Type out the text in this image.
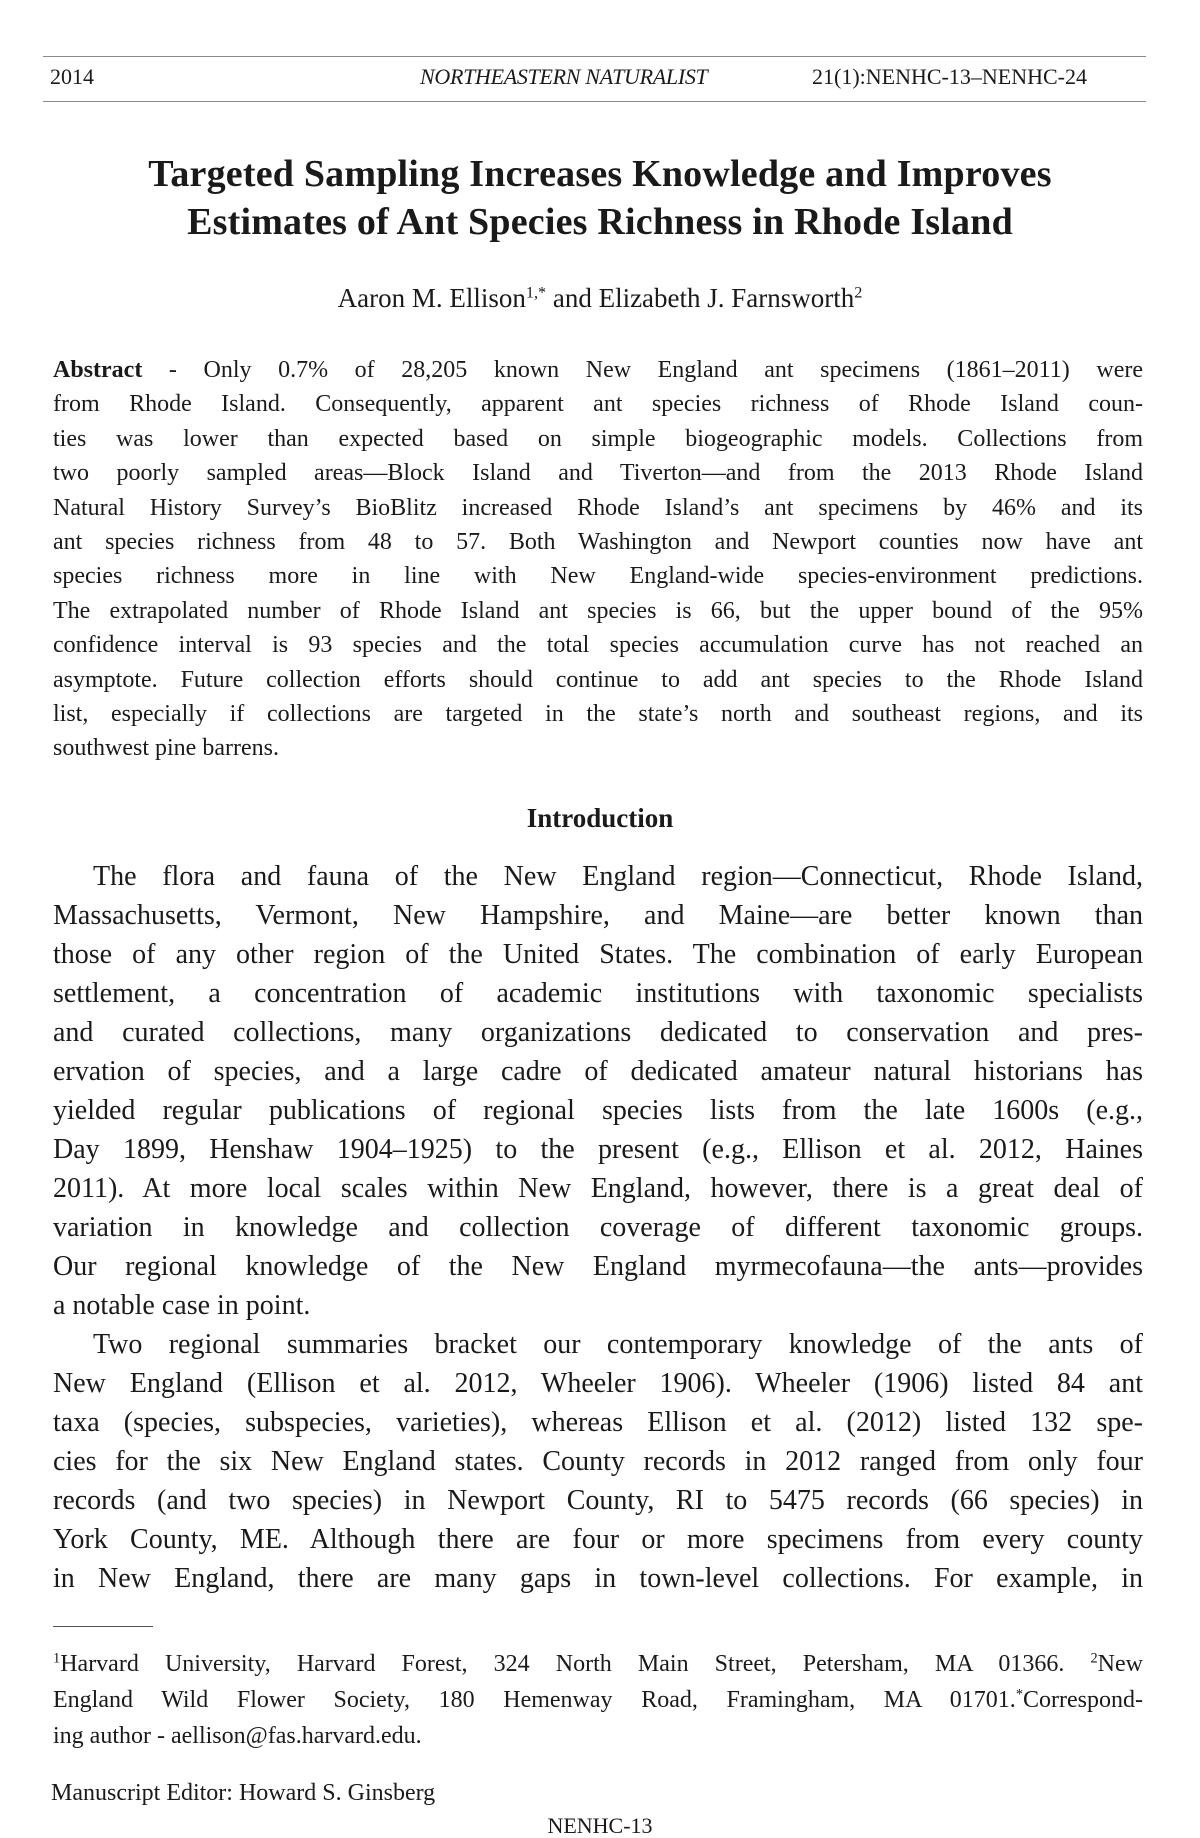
2014	NORTHEASTERN NATURALIST	21(1):NENHC-13–NENHC-24
Targeted Sampling Increases Knowledge and Improves
Estimates of Ant Species Richness in Rhode Island
Aaron M. Ellison$^{1,*}$ and Elizabeth J. Farnsworth$^2$
Abstract - Only 0.7% of 28,205 known New England ant specimens (1861–2011) were
from Rhode Island. Consequently, apparent ant species richness of Rhode Island coun-
ties was lower than expected based on simple biogeographic models. Collections from
two poorly sampled areas—Block Island and Tiverton—and from the 2013 Rhode Island
Natural History Survey’s BioBlitz increased Rhode Island’s ant specimens by 46% and its
ant species richness from 48 to 57. Both Washington and Newport counties now have ant
species richness more in line with New England-wide species-environment predictions.
The extrapolated number of Rhode Island ant species is 66, but the upper bound of the 95%
confidence interval is 93 species and the total species accumulation curve has not reached an
asymptote. Future collection efforts should continue to add ant species to the Rhode Island
list, especially if collections are targeted in the state’s north and southeast regions, and its
southwest pine barrens.
Introduction
The flora and fauna of the New England region—Connecticut, Rhode Island,
Massachusetts, Vermont, New Hampshire, and Maine—are better known than
those of any other region of the United States. The combination of early European
settlement, a concentration of academic institutions with taxonomic specialists
and curated collections, many organizations dedicated to conservation and pres-
ervation of species, and a large cadre of dedicated amateur natural historians has
yielded regular publications of regional species lists from the late 1600s (e.g.,
Day 1899, Henshaw 1904–1925) to the present (e.g., Ellison et al. 2012, Haines
2011). At more local scales within New England, however, there is a great deal of
variation in knowledge and collection coverage of different taxonomic groups.
Our regional knowledge of the New England myrmecofauna—the ants—provides
a notable case in point.
Two regional summaries bracket our contemporary knowledge of the ants of
New England (Ellison et al. 2012, Wheeler 1906). Wheeler (1906) listed 84 ant
taxa (species, subspecies, varieties), whereas Ellison et al. (2012) listed 132 spe-
cies for the six New England states. County records in 2012 ranged from only four
records (and two species) in Newport County, RI to 5475 records (66 species) in
York County, ME. Although there are four or more specimens from every county
in New England, there are many gaps in town-level collections. For example, in
$^1$Harvard University, Harvard Forest, 324 North Main Street, Petersham, MA 01366. $^2$New
England Wild Flower Society, 180 Hemenway Road, Framingham, MA 01701.*Correspond-
ing author - aellison@fas.harvard.edu.
Manuscript Editor: Howard S. Ginsberg
NENHC-13
